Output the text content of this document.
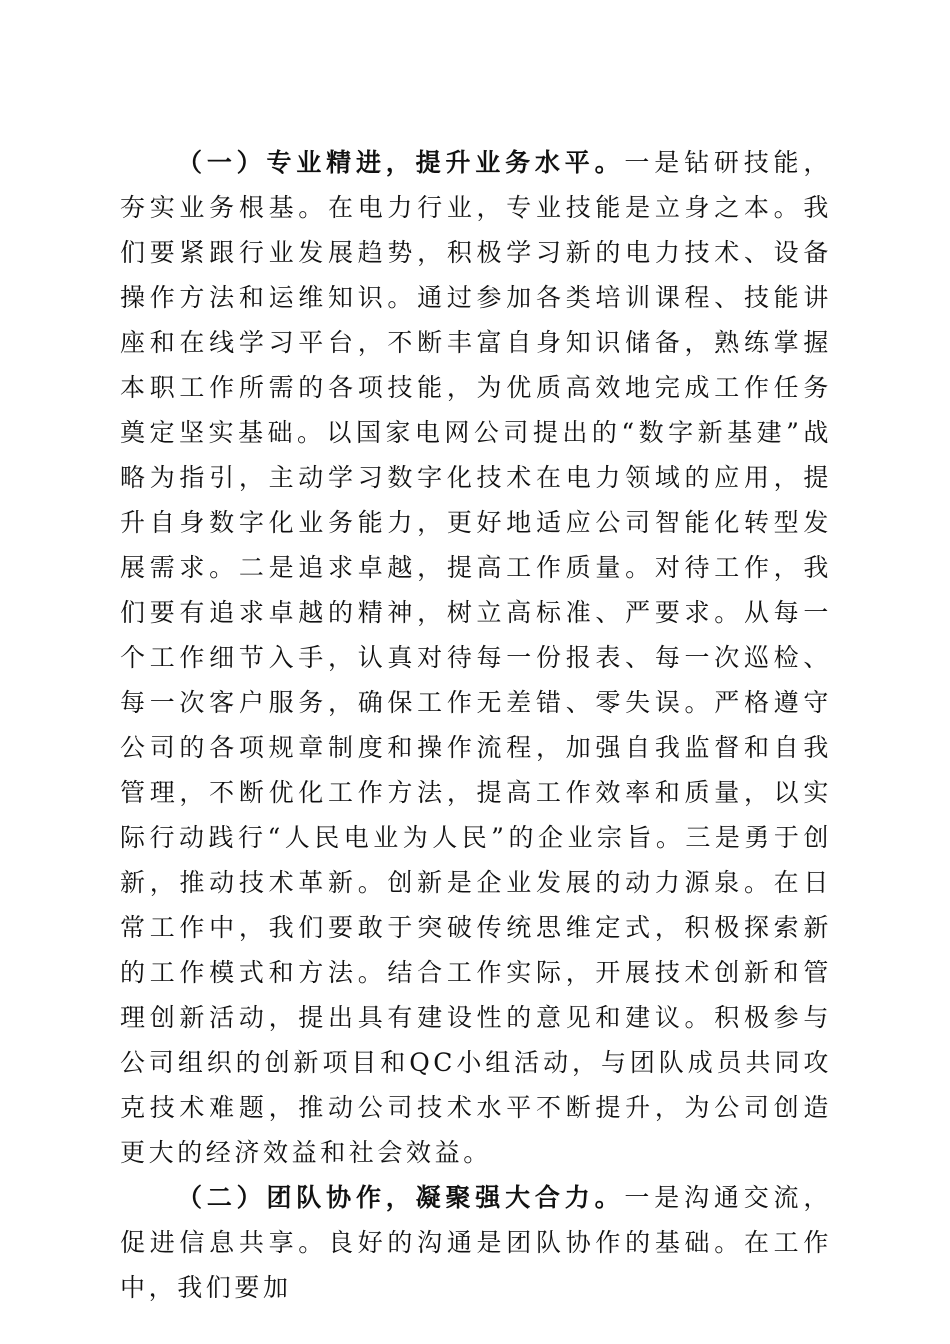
（一）专业精进，提升业务水平。一是钻研技能，夯实业务根基。在电力行业，专业技能是立身之本。我们要紧跟行业发展趋势，积极学习新的电力技术、设备操作方法和运维知识。通过参加各类培训课程、技能讲座和在线学习平台，不断丰富自身知识储备，熟练掌握本职工作所需的各项技能，为优质高效地完成工作任务奠定坚实基础。以国家电网公司提出的“数字新基建”战略为指引，主动学习数字化技术在电力领域的应用，提升自身数字化业务能力，更好地适应公司智能化转型发展需求。二是追求卓越，提高工作质量。对待工作，我们要有追求卓越的精神，树立高标准、严要求。从每一个工作细节入手，认真对待每一份报表、每一次巡检、每一次客户服务，确保工作无差错、零失误。严格遵守公司的各项规章制度和操作流程，加强自我监督和自我管理，不断优化工作方法，提高工作效率和质量，以实际行动践行“人民电业为人民”的企业宗旨。三是勇于创新，推动技术革新。创新是企业发展的动力源泉。在日常工作中，我们要敢于突破传统思维定式，积极探索新的工作模式和方法。结合工作实际，开展技术创新和管理创新活动，提出具有建设性的意见和建议。积极参与公司组织的创新项目和QC小组活动，与团队成员共同攻克技术难题，推动公司技术水平不断提升，为公司创造更大的经济效益和社会效益。

（二）团队协作，凝聚强大合力。一是沟通交流，促进信息共享。良好的沟通是团队协作的基础。在工作中，我们要加
